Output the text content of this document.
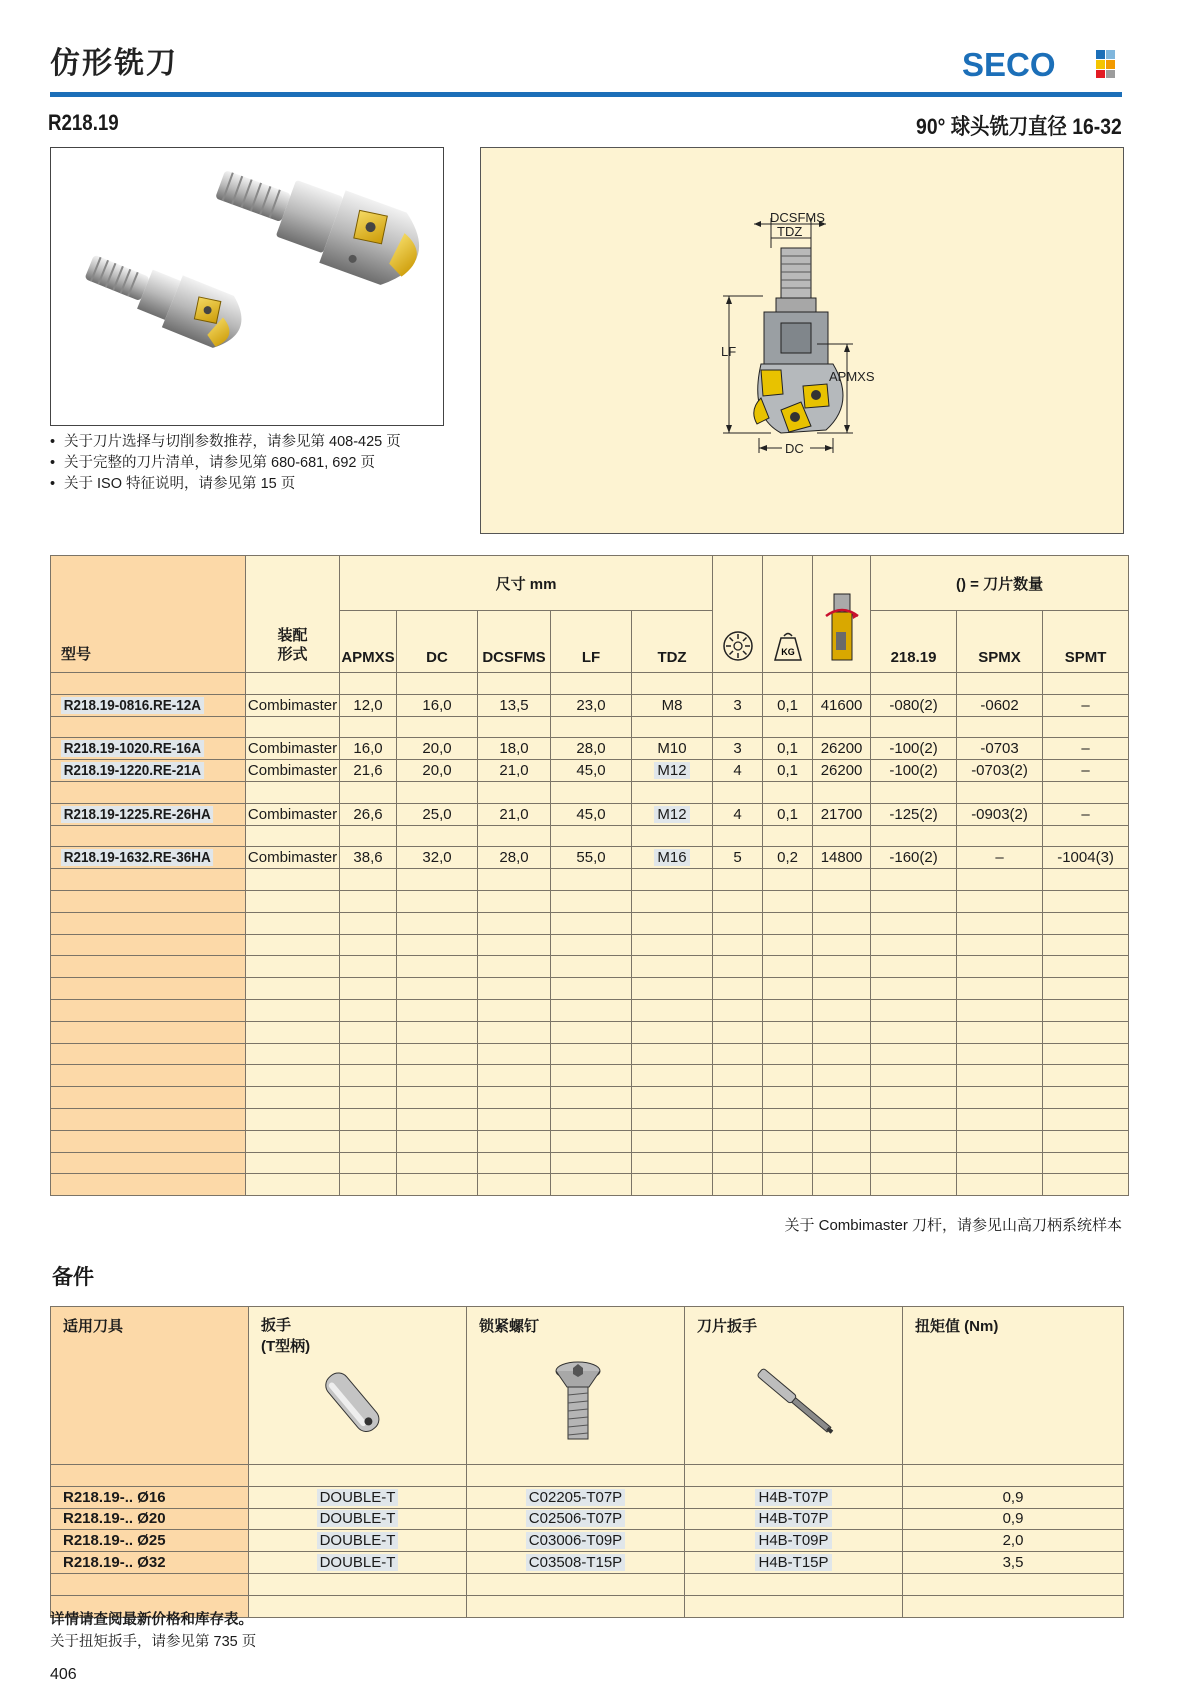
仿形铣刀	SECO
R218.19	90° 球头铣刀直径 16-32
DCSFMS
TDZ
LF
APMXS
DC
• 关于刀片选择与切削参数推荐，请参见第 408-425 页
• 关于完整的刀片清单，请参见第 680-681, 692 页
• 关于 ISO 特征说明，请参见第 15 页
型号	装配
形式	尺寸 mm						KG		() = 刀片数量		
		APMXS	DC	DCSFMS	LF	TDZ				218.19	SPMX	SPMT

R218.19-0816.RE-12A	Combimaster	12,0	16,0	13,5	23,0	M8	3	0,1	41600	-080(2)	-0602	–

R218.19-1020.RE-16A	Combimaster	16,0	20,0	18,0	28,0	M10	3	0,1	26200	-100(2)	-0703	–
R218.19-1220.RE-21A	Combimaster	21,6	20,0	21,0	45,0	M12	4	0,1	26200	-100(2)	-0703(2)	–

R218.19-1225.RE-26HA	Combimaster	26,6	25,0	21,0	45,0	M12	4	0,1	21700	-125(2)	-0903(2)	–

R218.19-1632.RE-36HA	Combimaster	38,6	32,0	28,0	55,0	M16	5	0,2	14800	-160(2)	–	-1004(3)

关于 Combimaster 刀杆，请参见山高刀柄系统样本
备件
适用刀具	扳手
(T型柄)	锁紧螺钉	刀片扳手	扭矩值 (Nm)

R218.19-.. Ø16	DOUBLE-T	C02205-T07P	H4B-T07P	0,9
R218.19-.. Ø20	DOUBLE-T	C02506-T07P	H4B-T07P	0,9
R218.19-.. Ø25	DOUBLE-T	C03006-T09P	H4B-T09P	2,0
R218.19-.. Ø32	DOUBLE-T	C03508-T15P	H4B-T15P	3,5

详情请查阅最新价格和库存表。
关于扭矩扳手，请参见第 735 页
406
